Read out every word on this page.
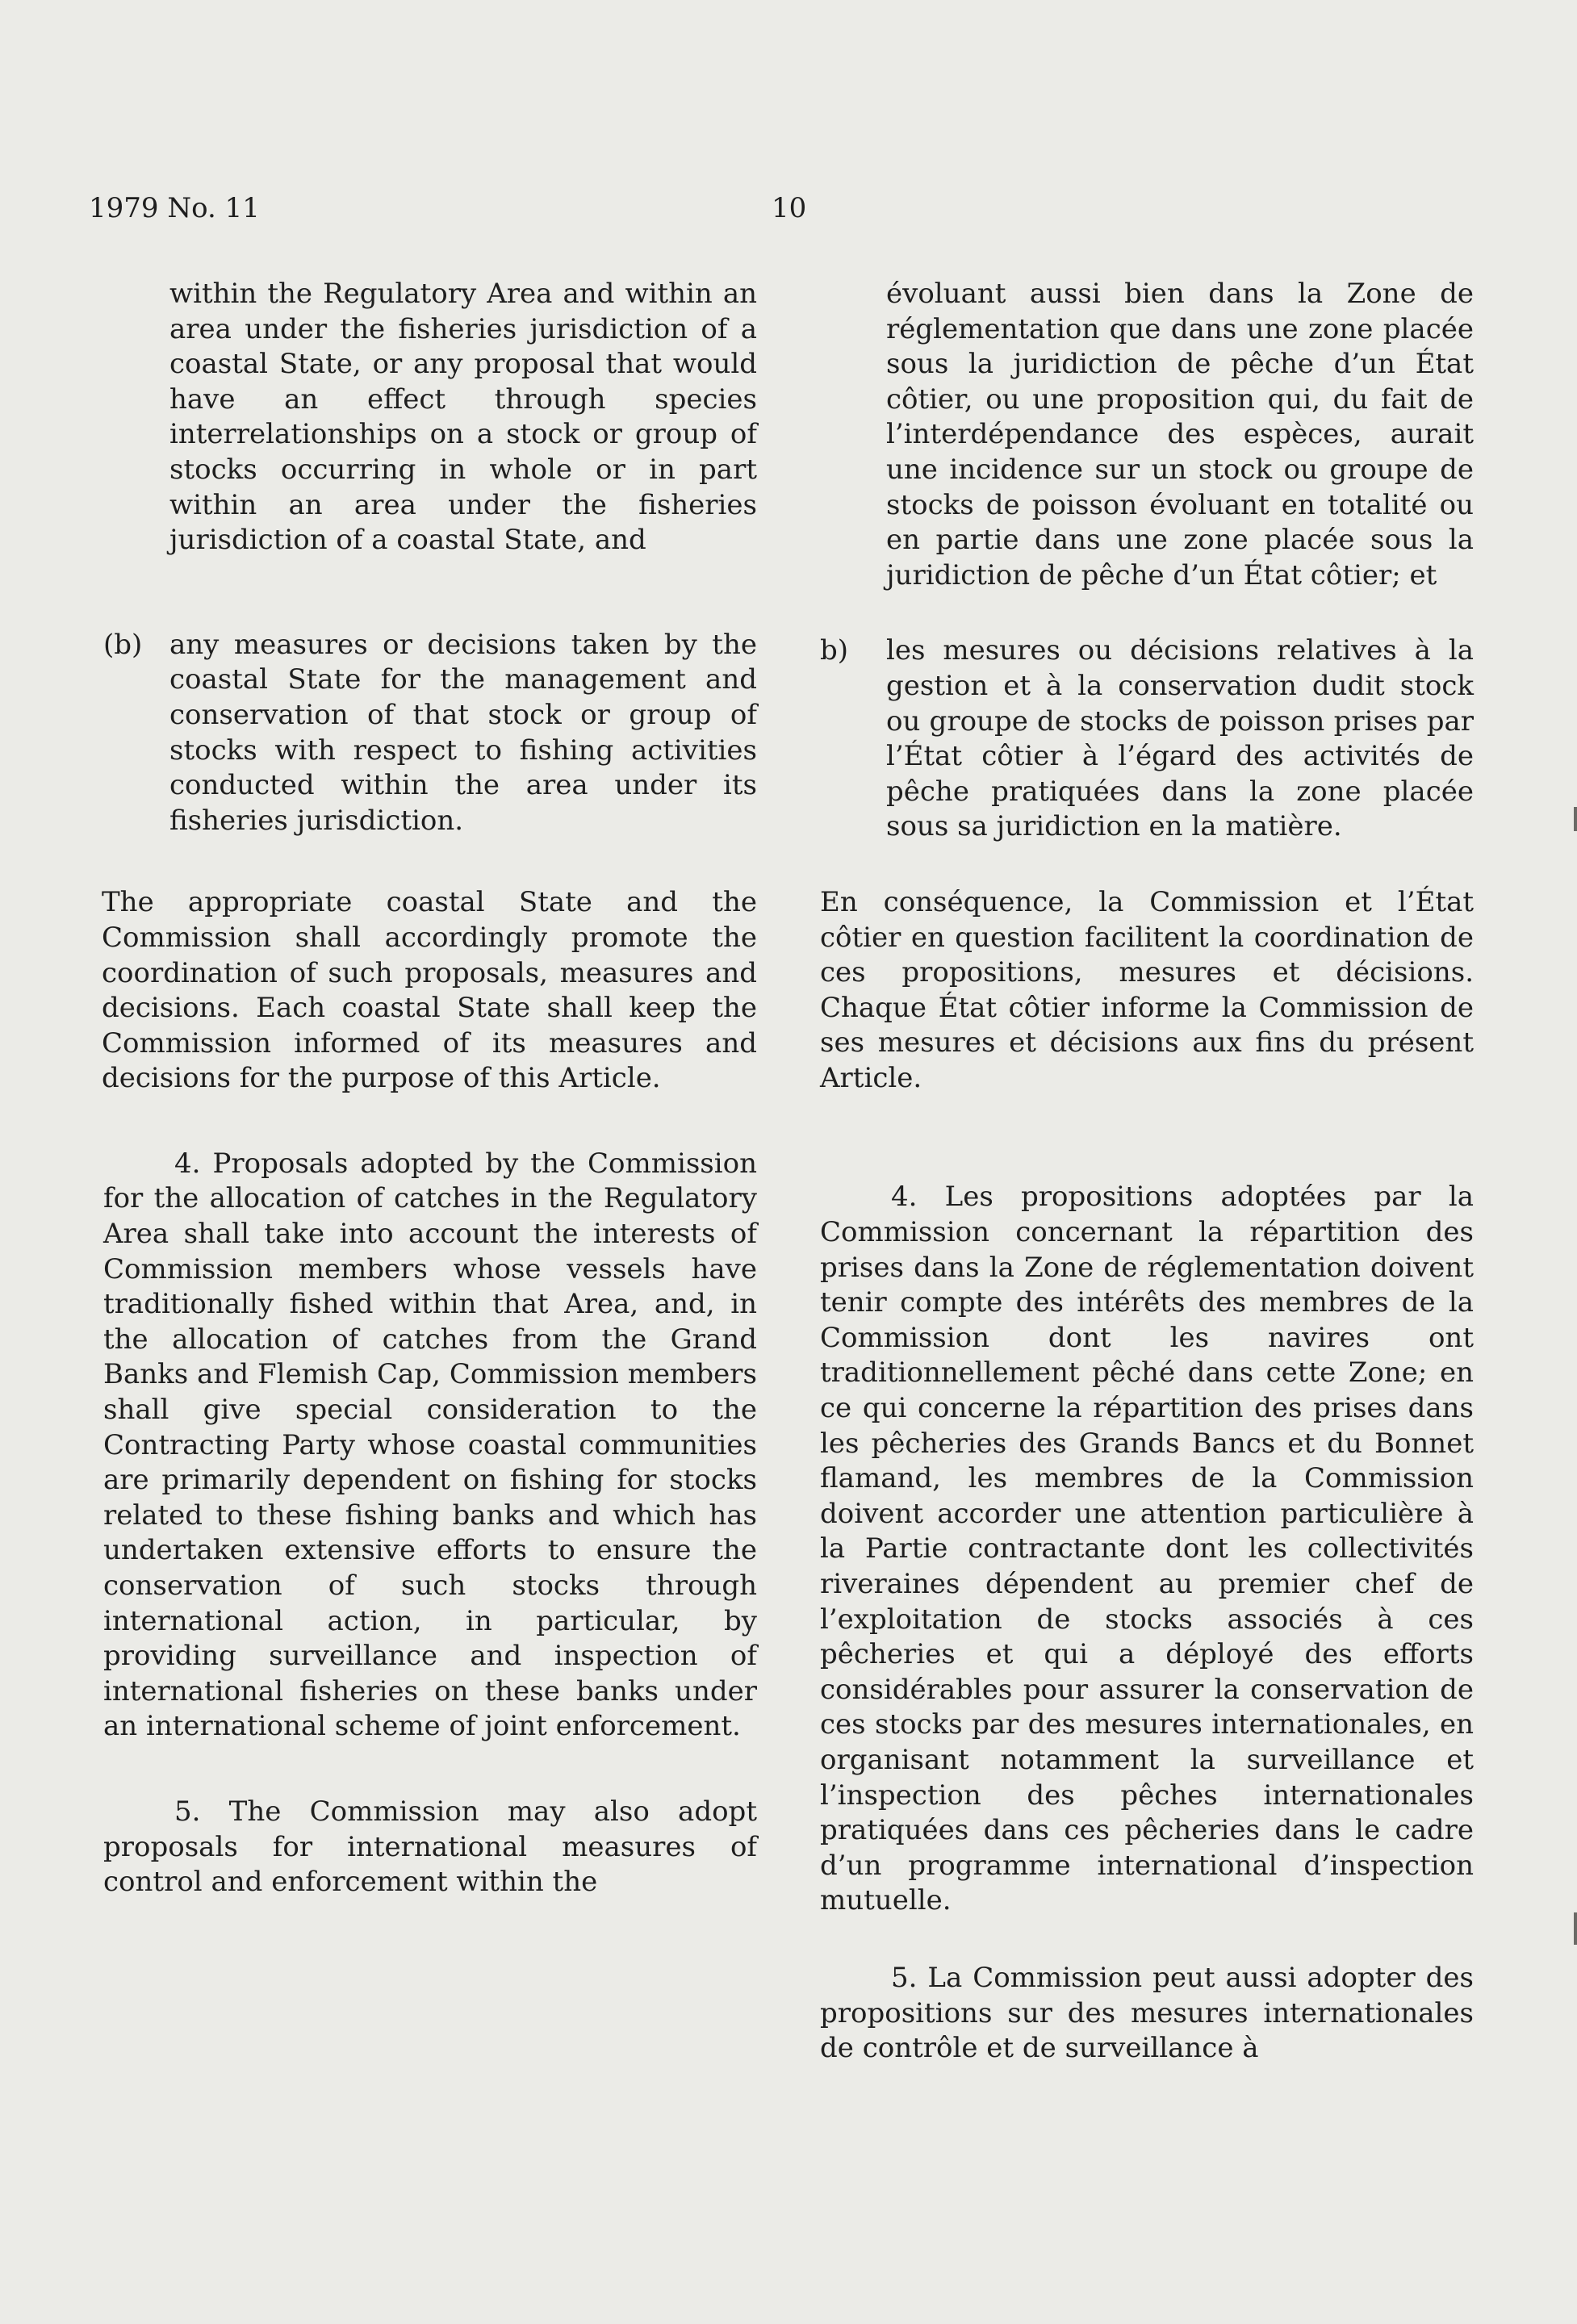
1979 No. 11	10

within the Regulatory Area and within an area under the fisheries jurisdiction of a coastal State, or any proposal that would have an effect through species interrelationships on a stock or group of stocks occurring in whole or in part within an area under the fisheries jurisdiction of a coastal State, and

(b) any measures or decisions taken by the coastal State for the management and conservation of that stock or group of stocks with respect to fishing activities conducted within the area under its fisheries jurisdiction.

The appropriate coastal State and the Commission shall accordingly promote the coordination of such proposals, measures and decisions. Each coastal State shall keep the Commission informed of its measures and decisions for the purpose of this Article.

4. Proposals adopted by the Commission for the allocation of catches in the Regulatory Area shall take into account the interests of Commission members whose vessels have traditionally fished within that Area, and, in the allocation of catches from the Grand Banks and Flemish Cap, Commission members shall give special consideration to the Contracting Party whose coastal communities are primarily dependent on fishing for stocks related to these fishing banks and which has undertaken extensive efforts to ensure the conservation of such stocks through international action, in particular, by providing surveillance and inspection of international fisheries on these banks under an international scheme of joint enforcement.

5. The Commission may also adopt proposals for international measures of control and enforcement within the

évoluant aussi bien dans la Zone de réglementation que dans une zone placée sous la juridiction de pêche d’un État côtier, ou une proposition qui, du fait de l’interdépendance des espèces, aurait une incidence sur un stock ou groupe de stocks de poisson évoluant en totalité ou en partie dans une zone placée sous la juridiction de pêche d’un État côtier; et

b) les mesures ou décisions relatives à la gestion et à la conservation dudit stock ou groupe de stocks de poisson prises par l’État côtier à l’égard des activités de pêche pratiquées dans la zone placée sous sa juridiction en la matière.

En conséquence, la Commission et l’État côtier en question facilitent la coordination de ces propositions, mesures et décisions. Chaque État côtier informe la Commission de ses mesures et décisions aux fins du présent Article.

4. Les propositions adoptées par la Commission concernant la répartition des prises dans la Zone de réglementation doivent tenir compte des intérêts des membres de la Commission dont les navires ont traditionnellement pêché dans cette Zone; en ce qui concerne la répartition des prises dans les pêcheries des Grands Bancs et du Bonnet flamand, les membres de la Commission doivent accorder une attention particulière à la Partie contractante dont les collectivités riveraines dépendent au premier chef de l’exploitation de stocks associés à ces pêcheries et qui a déployé des efforts considérables pour assurer la conservation de ces stocks par des mesures internationales, en organisant notamment la surveillance et l’inspection des pêches internationales pratiquées dans ces pêcheries dans le cadre d’un programme international d’inspection mutuelle.

5. La Commission peut aussi adopter des propositions sur des mesures internationales de contrôle et de surveillance à
